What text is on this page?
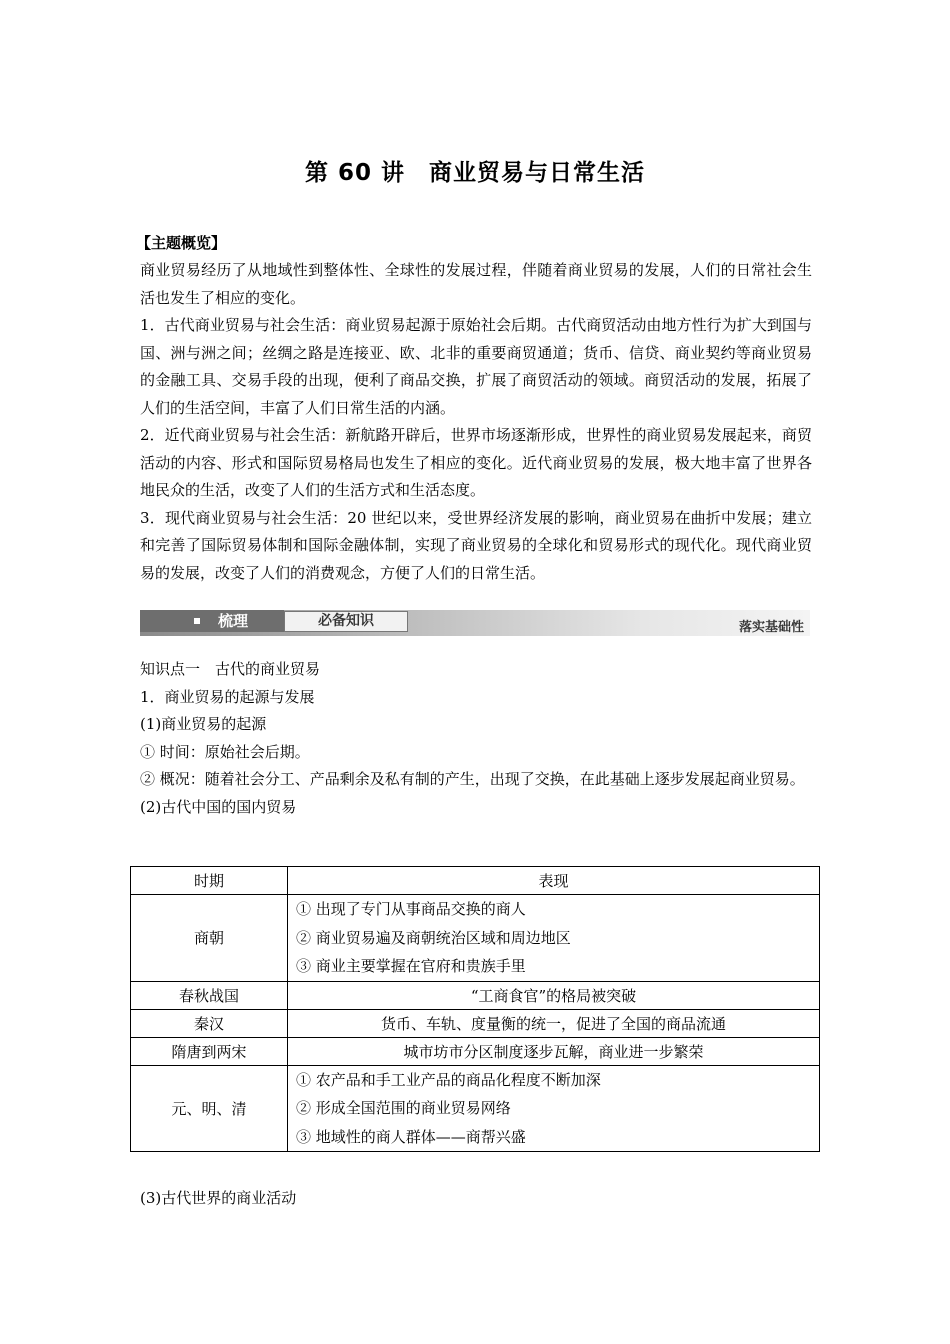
第 60 讲 商业贸易与日常生活
【主题概览】

商业贸易经历了从地域性到整体性、全球性的发展过程，伴随着商业贸易的发展，人们的日常社会生活也发生了相应的变化。

1．古代商业贸易与社会生活：商业贸易起源于原始社会后期。古代商贸活动由地方性行为扩大到国与国、洲与洲之间；丝绸之路是连接亚、欧、北非的重要商贸通道；货币、信贷、商业契约等商业贸易的金融工具、交易手段的出现，便利了商品交换，扩展了商贸活动的领域。商贸活动的发展，拓展了人们的生活空间，丰富了人们日常生活的内涵。

2．近代商业贸易与社会生活：新航路开辟后，世界市场逐渐形成，世界性的商业贸易发展起来，商贸活动的内容、形式和国际贸易格局也发生了相应的变化。近代商业贸易的发展，极大地丰富了世界各地民众的生活，改变了人们的生活方式和生活态度。

3．现代商业贸易与社会生活：20 世纪以来，受世界经济发展的影响，商业贸易在曲折中发展；建立和完善了国际贸易体制和国际金融体制，实现了商业贸易的全球化和贸易形式的现代化。现代商业贸易的发展，改变了人们的消费观念，方便了人们的日常生活。

梳理	必备知识	落实基础性
知识点一　古代的商业贸易
1．商业贸易的起源与发展
(1)商业贸易的起源
① 时间：原始社会后期。
② 概况：随着社会分工、产品剩余及私有制的产生，出现了交换，在此基础上逐步发展起商业贸易。
(2)古代中国的国内贸易
时期	表现
商朝	① 出现了专门从事商品交换的商人
② 商业贸易遍及商朝统治区域和周边地区
③ 商业主要掌握在官府和贵族手里

春秋战国	“工商食官”的格局被突破
秦汉	货币、车轨、度量衡的统一，促进了全国的商品流通
隋唐到两宋	城市坊市分区制度逐步瓦解，商业进一步繁荣
元、明、清	① 农产品和手工业产品的商品化程度不断加深
② 形成全国范围的商业贸易网络
③ 地域性的商人群体——商帮兴盛
(3)古代世界的商业活动
